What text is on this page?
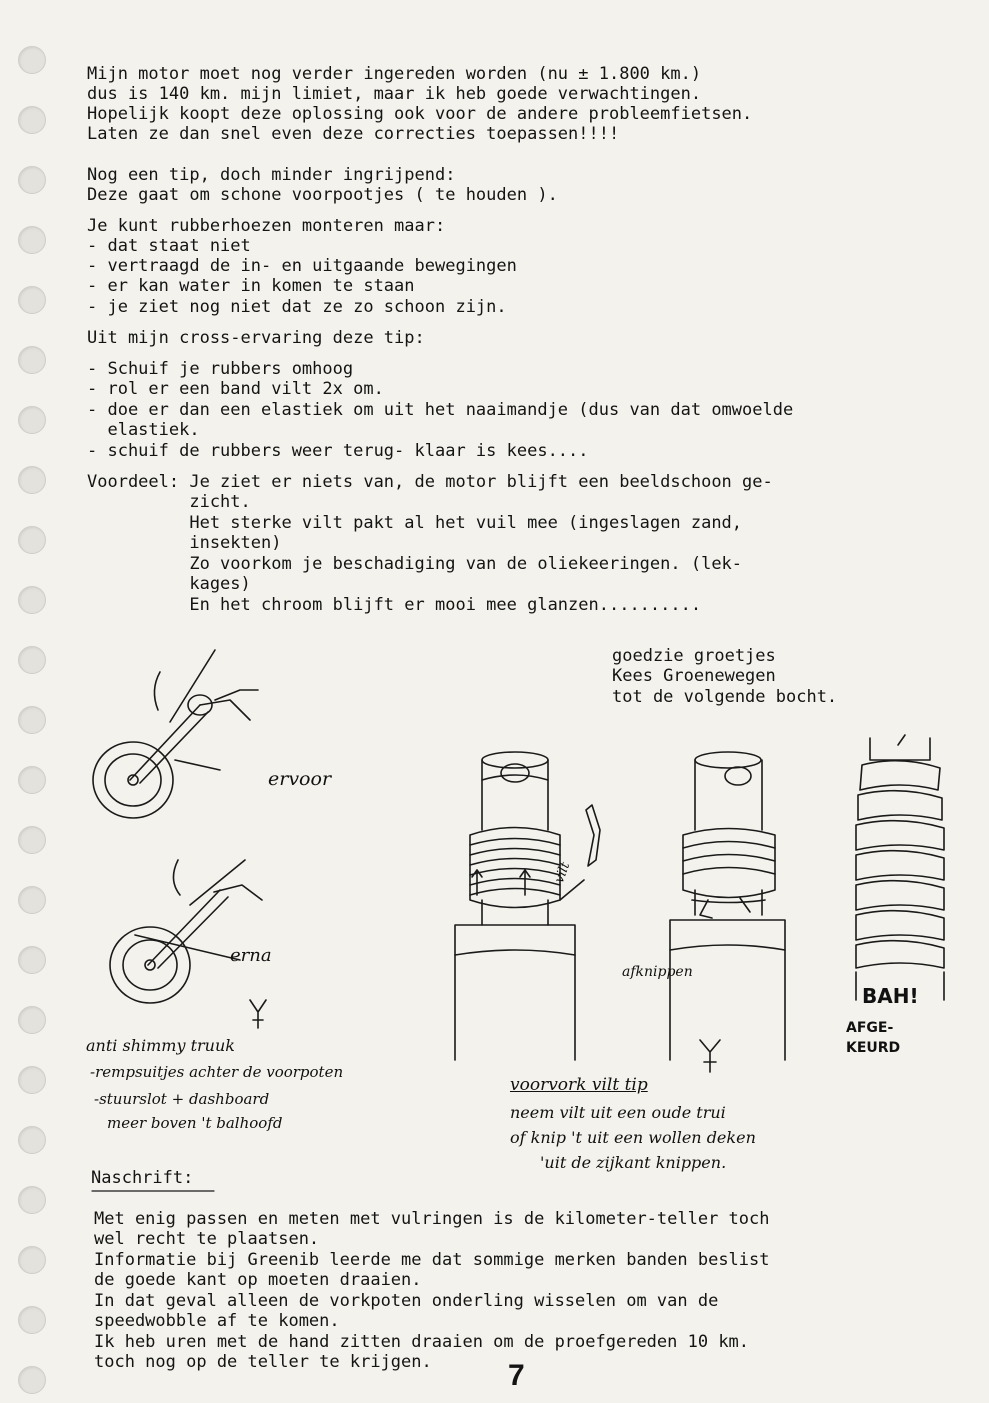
Mijn motor moet nog verder ingereden worden (nu ± 1.800 km.)
dus is 140 km. mijn limiet, maar ik heb goede verwachtingen.
Hopelijk koopt deze oplossing ook voor de andere probleemfietsen.
Laten ze dan snel even deze correcties toepassen!!!!
Nog een tip, doch minder ingrijpend:
Deze gaat om schone voorpootjes ( te houden ).
Je kunt rubberhoezen monteren maar:
- dat staat niet
- vertraagd de in- en uitgaande bewegingen
- er kan water in komen te staan
- je ziet nog niet dat ze zo schoon zijn.
Uit mijn cross-ervaring deze tip:
- Schuif je rubbers omhoog
- rol er een band vilt 2x om.
- doe er dan een elastiek om uit het naaimandje (dus van dat omwoelde
elastiek.
- schuif de rubbers weer terug- klaar is kees....
Voordeel: Je ziet er niets van, de motor blijft een beeldschoon ge-
zicht.
Het sterke vilt pakt al het vuil mee (ingeslagen zand,
insekten)
Zo voorkom je beschadiging van de oliekeeringen. (lek-
kages)
En het chroom blijft er mooi mee glanzen..........
goedzie groetjes
Kees Groenewegen
tot de volgende bocht.
ervoor
erna
anti shimmy truuk
-rempsuitjes achter de voorpoten
-stuurslot + dashboard
meer boven 't balhoofd
vilt
afknippen
BAH!
AFGE-
KEURD
voorvork vilt tip
neem vilt uit een oude trui
of knip 't uit een wollen deken
'uit de zijkant knippen.
Naschrift:
Met enig passen en meten met vulringen is de kilometer-teller toch
wel recht te plaatsen.
Informatie bij Greenib leerde me dat sommige merken banden beslist
de goede kant op moeten draaien.
In dat geval alleen de vorkpoten onderling wisselen om van de
speedwobble af te komen.
Ik heb uren met de hand zitten draaien om de proefgereden 10 km.
toch nog op de teller te krijgen.	7
